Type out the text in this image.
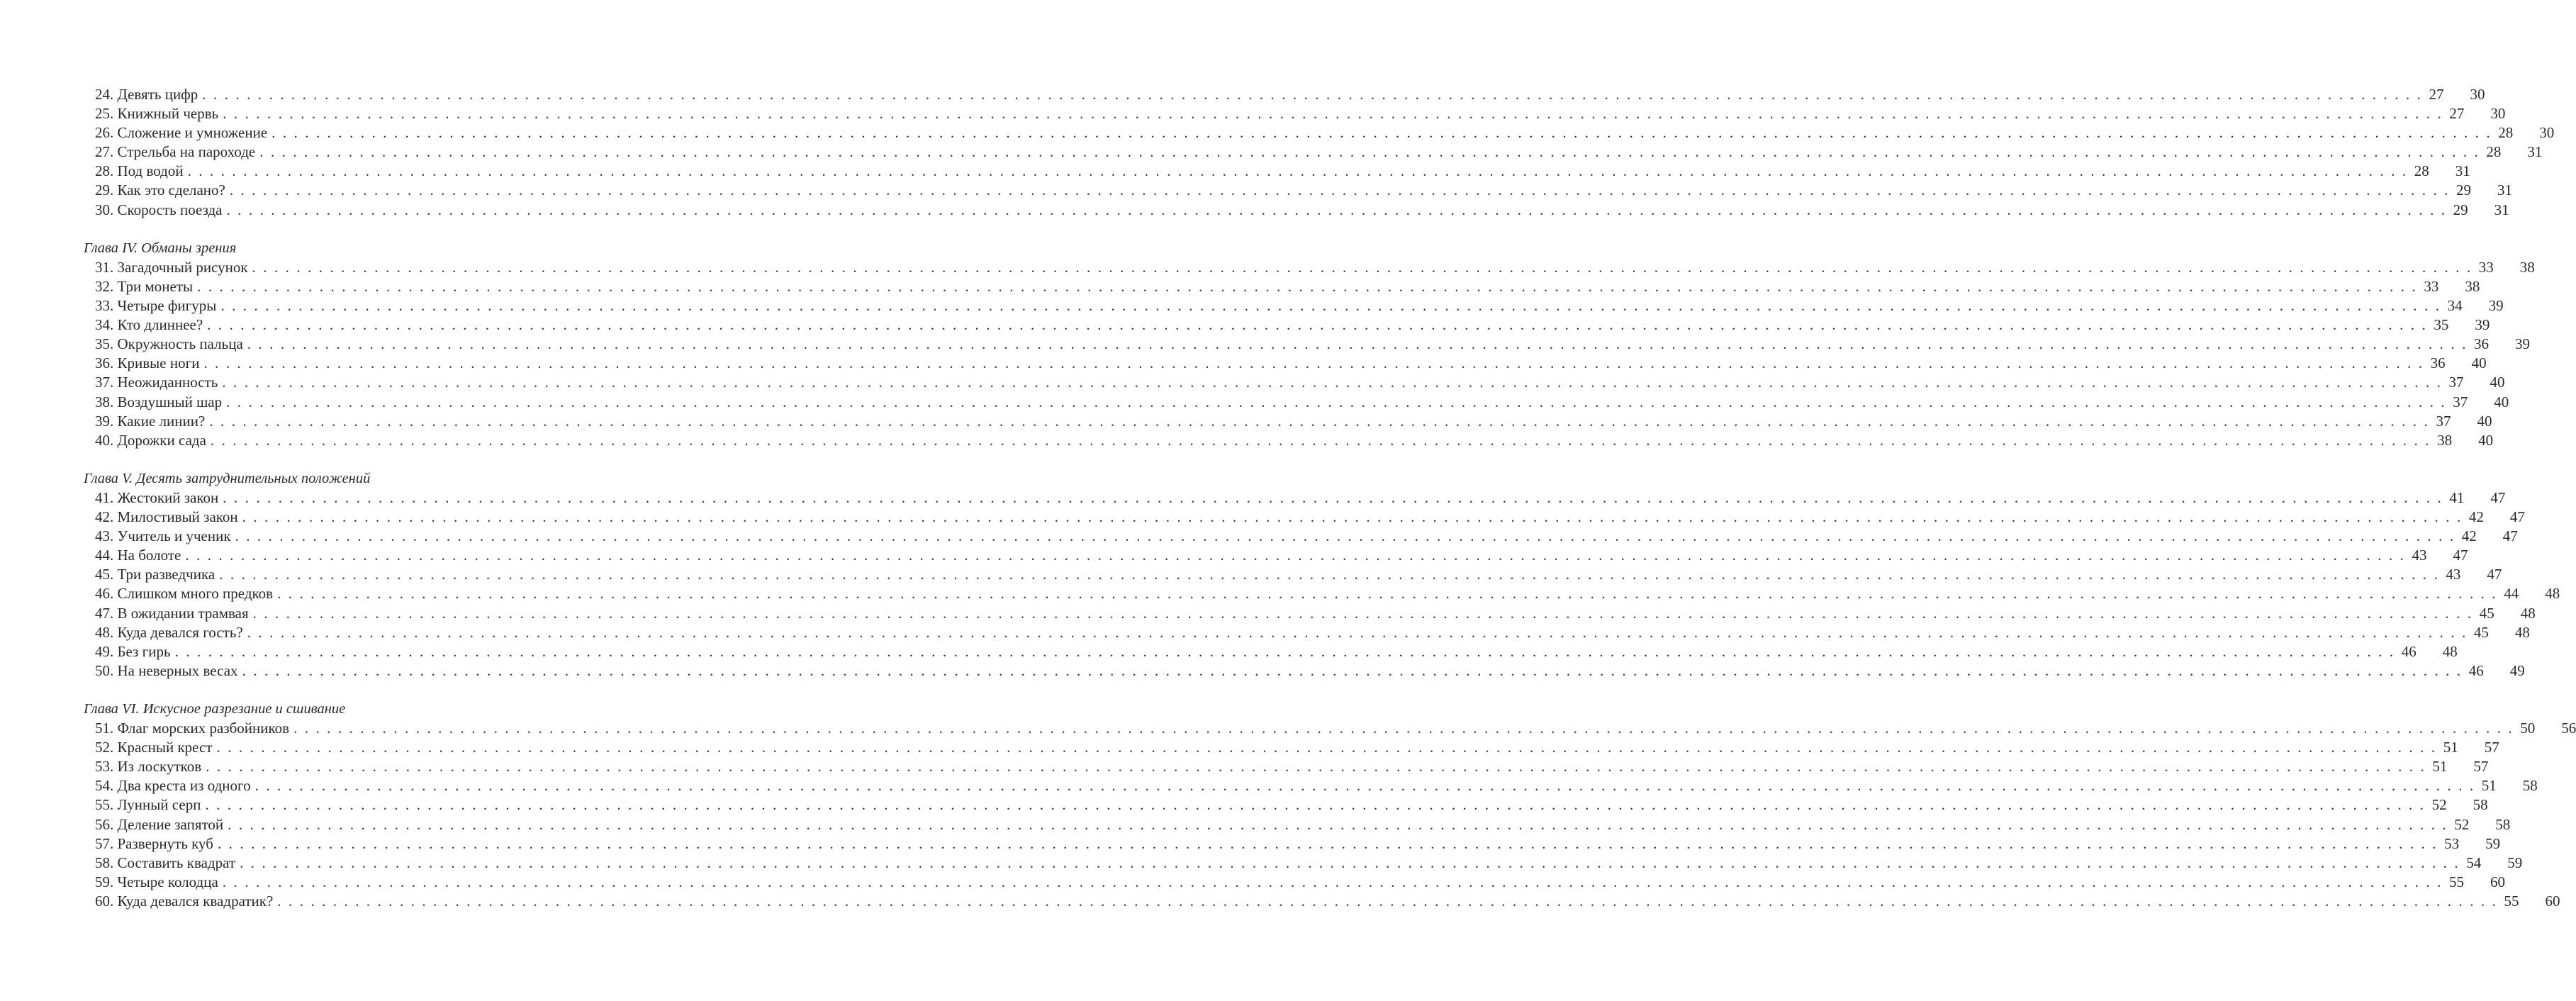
24. Девять цифр . . . . . . . . . . . . . . . . . . . . . . . . . . . . . . . . . . . . . . . . . . . . . . . . . . . . . . . . . . . . . . . . . . . . . . . . . . . . . . . . . . . . . . . . . . . . . . . . . . . . . . . . . . . . . . . . . . . . . . . . . . . . . . . . . . . . . . . . . . . . . . . . . . . . . . . . . . . . . . . . . . . . . . . . . . . . . . . . . . . . . . . . . . . . . . . . . . . . . . . . 27	30
25. Книжный червь . . . . . . . . . . . . . . . . . . . . . . . . . . . . . . . . . . . . . . . . . . . . . . . . . . . . . . . . . . . . . . . . . . . . . . . . . . . . . . . . . . . . . . . . . . . . . . . . . . . . . . . . . . . . . . . . . . . . . . . . . . . . . . . . . . . . . . . . . . . . . . . . . . . . . . . . . . . . . . . . . . . . . . . . . . . . . . . . . . . . . . . . . . . . . . . . . . . . . . . . 27	30
26. Сложение и умножение . . . . . . . . . . . . . . . . . . . . . . . . . . . . . . . . . . . . . . . . . . . . . . . . . . . . . . . . . . . . . . . . . . . . . . . . . . . . . . . . . . . . . . . . . . . . . . . . . . . . . . . . . . . . . . . . . . . . . . . . . . . . . . . . . . . . . . . . . . . . . . . . . . . . . . . . . . . . . . . . . . . . . . . . . . . . . . . . . . . . . . . . . . . . . . . . . . . . . . . . 28	30
27. Стрельба на пароходе . . . . . . . . . . . . . . . . . . . . . . . . . . . . . . . . . . . . . . . . . . . . . . . . . . . . . . . . . . . . . . . . . . . . . . . . . . . . . . . . . . . . . . . . . . . . . . . . . . . . . . . . . . . . . . . . . . . . . . . . . . . . . . . . . . . . . . . . . . . . . . . . . . . . . . . . . . . . . . . . . . . . . . . . . . . . . . . . . . . . . . . . . . . . . . . . . . . . . . . . 28	31
28. Под водой . . . . . . . . . . . . . . . . . . . . . . . . . . . . . . . . . . . . . . . . . . . . . . . . . . . . . . . . . . . . . . . . . . . . . . . . . . . . . . . . . . . . . . . . . . . . . . . . . . . . . . . . . . . . . . . . . . . . . . . . . . . . . . . . . . . . . . . . . . . . . . . . . . . . . . . . . . . . . . . . . . . . . . . . . . . . . . . . . . . . . . . . . . . . . . . . . . . . . . . . 28	31
29. Как это сделано? . . . . . . . . . . . . . . . . . . . . . . . . . . . . . . . . . . . . . . . . . . . . . . . . . . . . . . . . . . . . . . . . . . . . . . . . . . . . . . . . . . . . . . . . . . . . . . . . . . . . . . . . . . . . . . . . . . . . . . . . . . . . . . . . . . . . . . . . . . . . . . . . . . . . . . . . . . . . . . . . . . . . . . . . . . . . . . . . . . . . . . . . . . . . . . . . . . . . . . . . 29	31
30. Скорость поезда . . . . . . . . . . . . . . . . . . . . . . . . . . . . . . . . . . . . . . . . . . . . . . . . . . . . . . . . . . . . . . . . . . . . . . . . . . . . . . . . . . . . . . . . . . . . . . . . . . . . . . . . . . . . . . . . . . . . . . . . . . . . . . . . . . . . . . . . . . . . . . . . . . . . . . . . . . . . . . . . . . . . . . . . . . . . . . . . . . . . . . . . . . . . . . . . . . . . . . . . 29	31
Глава IV. Обманы зрения
31. Загадочный рисунок . . . . . . . . . . . . . . . . . . . . . . . . . . . . . . . . . . . . . . . . . . . . . . . . . . . . . . . . . . . . . . . . . . . . . . . . . . . . . . . . . . . . . . . . . . . . . . . . . . . . . . . . . . . . . . . . . . . . . . . . . . . . . . . . . . . . . . . . . . . . . . . . . . . . . . . . . . . . . . . . . . . . . . . . . . . . . . . . . . . . . . . . . . . . . . . . . . . . . . . . 33	38
32. Три монеты . . . . . . . . . . . . . . . . . . . . . . . . . . . . . . . . . . . . . . . . . . . . . . . . . . . . . . . . . . . . . . . . . . . . . . . . . . . . . . . . . . . . . . . . . . . . . . . . . . . . . . . . . . . . . . . . . . . . . . . . . . . . . . . . . . . . . . . . . . . . . . . . . . . . . . . . . . . . . . . . . . . . . . . . . . . . . . . . . . . . . . . . . . . . . . . . . . . . . . . . 33	38
33. Четыре фигуры . . . . . . . . . . . . . . . . . . . . . . . . . . . . . . . . . . . . . . . . . . . . . . . . . . . . . . . . . . . . . . . . . . . . . . . . . . . . . . . . . . . . . . . . . . . . . . . . . . . . . . . . . . . . . . . . . . . . . . . . . . . . . . . . . . . . . . . . . . . . . . . . . . . . . . . . . . . . . . . . . . . . . . . . . . . . . . . . . . . . . . . . . . . . . . . . . . . . . . . . 34	39
34. Кто длиннее? . . . . . . . . . . . . . . . . . . . . . . . . . . . . . . . . . . . . . . . . . . . . . . . . . . . . . . . . . . . . . . . . . . . . . . . . . . . . . . . . . . . . . . . . . . . . . . . . . . . . . . . . . . . . . . . . . . . . . . . . . . . . . . . . . . . . . . . . . . . . . . . . . . . . . . . . . . . . . . . . . . . . . . . . . . . . . . . . . . . . . . . . . . . . . . . . . . . . . . . . 35	39
35. Окружность пальца . . . . . . . . . . . . . . . . . . . . . . . . . . . . . . . . . . . . . . . . . . . . . . . . . . . . . . . . . . . . . . . . . . . . . . . . . . . . . . . . . . . . . . . . . . . . . . . . . . . . . . . . . . . . . . . . . . . . . . . . . . . . . . . . . . . . . . . . . . . . . . . . . . . . . . . . . . . . . . . . . . . . . . . . . . . . . . . . . . . . . . . . . . . . . . . . . . . . . . . . 36	39
36. Кривые ноги . . . . . . . . . . . . . . . . . . . . . . . . . . . . . . . . . . . . . . . . . . . . . . . . . . . . . . . . . . . . . . . . . . . . . . . . . . . . . . . . . . . . . . . . . . . . . . . . . . . . . . . . . . . . . . . . . . . . . . . . . . . . . . . . . . . . . . . . . . . . . . . . . . . . . . . . . . . . . . . . . . . . . . . . . . . . . . . . . . . . . . . . . . . . . . . . . . . . . . . . 36	40
37. Неожиданность . . . . . . . . . . . . . . . . . . . . . . . . . . . . . . . . . . . . . . . . . . . . . . . . . . . . . . . . . . . . . . . . . . . . . . . . . . . . . . . . . . . . . . . . . . . . . . . . . . . . . . . . . . . . . . . . . . . . . . . . . . . . . . . . . . . . . . . . . . . . . . . . . . . . . . . . . . . . . . . . . . . . . . . . . . . . . . . . . . . . . . . . . . . . . . . . . . . . . . . . 37	40
38. Воздушный шар . . . . . . . . . . . . . . . . . . . . . . . . . . . . . . . . . . . . . . . . . . . . . . . . . . . . . . . . . . . . . . . . . . . . . . . . . . . . . . . . . . . . . . . . . . . . . . . . . . . . . . . . . . . . . . . . . . . . . . . . . . . . . . . . . . . . . . . . . . . . . . . . . . . . . . . . . . . . . . . . . . . . . . . . . . . . . . . . . . . . . . . . . . . . . . . . . . . . . . . . 37	40
39. Какие линии? . . . . . . . . . . . . . . . . . . . . . . . . . . . . . . . . . . . . . . . . . . . . . . . . . . . . . . . . . . . . . . . . . . . . . . . . . . . . . . . . . . . . . . . . . . . . . . . . . . . . . . . . . . . . . . . . . . . . . . . . . . . . . . . . . . . . . . . . . . . . . . . . . . . . . . . . . . . . . . . . . . . . . . . . . . . . . . . . . . . . . . . . . . . . . . . . . . . . . . . . 37	40
40. Дорожки сада . . . . . . . . . . . . . . . . . . . . . . . . . . . . . . . . . . . . . . . . . . . . . . . . . . . . . . . . . . . . . . . . . . . . . . . . . . . . . . . . . . . . . . . . . . . . . . . . . . . . . . . . . . . . . . . . . . . . . . . . . . . . . . . . . . . . . . . . . . . . . . . . . . . . . . . . . . . . . . . . . . . . . . . . . . . . . . . . . . . . . . . . . . . . . . . . . . . . . . . . 38	40
Глава V. Десять затруднительных положений
41. Жестокий закон . . . . . . . . . . . . . . . . . . . . . . . . . . . . . . . . . . . . . . . . . . . . . . . . . . . . . . . . . . . . . . . . . . . . . . . . . . . . . . . . . . . . . . . . . . . . . . . . . . . . . . . . . . . . . . . . . . . . . . . . . . . . . . . . . . . . . . . . . . . . . . . . . . . . . . . . . . . . . . . . . . . . . . . . . . . . . . . . . . . . . . . . . . . . . . . . . . . . . . . . 41	47
42. Милостивый закон . . . . . . . . . . . . . . . . . . . . . . . . . . . . . . . . . . . . . . . . . . . . . . . . . . . . . . . . . . . . . . . . . . . . . . . . . . . . . . . . . . . . . . . . . . . . . . . . . . . . . . . . . . . . . . . . . . . . . . . . . . . . . . . . . . . . . . . . . . . . . . . . . . . . . . . . . . . . . . . . . . . . . . . . . . . . . . . . . . . . . . . . . . . . . . . . . . . . . . . . 42	47
43. Учитель и ученик . . . . . . . . . . . . . . . . . . . . . . . . . . . . . . . . . . . . . . . . . . . . . . . . . . . . . . . . . . . . . . . . . . . . . . . . . . . . . . . . . . . . . . . . . . . . . . . . . . . . . . . . . . . . . . . . . . . . . . . . . . . . . . . . . . . . . . . . . . . . . . . . . . . . . . . . . . . . . . . . . . . . . . . . . . . . . . . . . . . . . . . . . . . . . . . . . . . . . . . . 42	47
44. На болоте . . . . . . . . . . . . . . . . . . . . . . . . . . . . . . . . . . . . . . . . . . . . . . . . . . . . . . . . . . . . . . . . . . . . . . . . . . . . . . . . . . . . . . . . . . . . . . . . . . . . . . . . . . . . . . . . . . . . . . . . . . . . . . . . . . . . . . . . . . . . . . . . . . . . . . . . . . . . . . . . . . . . . . . . . . . . . . . . . . . . . . . . . . . . . . . . . . . . . . . . 43	47
45. Три разведчика . . . . . . . . . . . . . . . . . . . . . . . . . . . . . . . . . . . . . . . . . . . . . . . . . . . . . . . . . . . . . . . . . . . . . . . . . . . . . . . . . . . . . . . . . . . . . . . . . . . . . . . . . . . . . . . . . . . . . . . . . . . . . . . . . . . . . . . . . . . . . . . . . . . . . . . . . . . . . . . . . . . . . . . . . . . . . . . . . . . . . . . . . . . . . . . . . . . . . . . . 43	47
46. Слишком много предков . . . . . . . . . . . . . . . . . . . . . . . . . . . . . . . . . . . . . . . . . . . . . . . . . . . . . . . . . . . . . . . . . . . . . . . . . . . . . . . . . . . . . . . . . . . . . . . . . . . . . . . . . . . . . . . . . . . . . . . . . . . . . . . . . . . . . . . . . . . . . . . . . . . . . . . . . . . . . . . . . . . . . . . . . . . . . . . . . . . . . . . . . . . . . . . . . . . . . . . . 44	48
47. В ожидании трамвая . . . . . . . . . . . . . . . . . . . . . . . . . . . . . . . . . . . . . . . . . . . . . . . . . . . . . . . . . . . . . . . . . . . . . . . . . . . . . . . . . . . . . . . . . . . . . . . . . . . . . . . . . . . . . . . . . . . . . . . . . . . . . . . . . . . . . . . . . . . . . . . . . . . . . . . . . . . . . . . . . . . . . . . . . . . . . . . . . . . . . . . . . . . . . . . . . . . . . . . . 45	48
48. Куда девался гость? . . . . . . . . . . . . . . . . . . . . . . . . . . . . . . . . . . . . . . . . . . . . . . . . . . . . . . . . . . . . . . . . . . . . . . . . . . . . . . . . . . . . . . . . . . . . . . . . . . . . . . . . . . . . . . . . . . . . . . . . . . . . . . . . . . . . . . . . . . . . . . . . . . . . . . . . . . . . . . . . . . . . . . . . . . . . . . . . . . . . . . . . . . . . . . . . . . . . . . . . 45	48
49. Без гирь . . . . . . . . . . . . . . . . . . . . . . . . . . . . . . . . . . . . . . . . . . . . . . . . . . . . . . . . . . . . . . . . . . . . . . . . . . . . . . . . . . . . . . . . . . . . . . . . . . . . . . . . . . . . . . . . . . . . . . . . . . . . . . . . . . . . . . . . . . . . . . . . . . . . . . . . . . . . . . . . . . . . . . . . . . . . . . . . . . . . . . . . . . . . . . . . . . . . . . . . 46	48
50. На неверных весах . . . . . . . . . . . . . . . . . . . . . . . . . . . . . . . . . . . . . . . . . . . . . . . . . . . . . . . . . . . . . . . . . . . . . . . . . . . . . . . . . . . . . . . . . . . . . . . . . . . . . . . . . . . . . . . . . . . . . . . . . . . . . . . . . . . . . . . . . . . . . . . . . . . . . . . . . . . . . . . . . . . . . . . . . . . . . . . . . . . . . . . . . . . . . . . . . . . . . . . . 46	49
Глава VI. Искусное разрезание и сшивание
51. Флаг морских разбойников . . . . . . . . . . . . . . . . . . . . . . . . . . . . . . . . . . . . . . . . . . . . . . . . . . . . . . . . . . . . . . . . . . . . . . . . . . . . . . . . . . . . . . . . . . . . . . . . . . . . . . . . . . . . . . . . . . . . . . . . . . . . . . . . . . . . . . . . . . . . . . . . . . . . . . . . . . . . . . . . . . . . . . . . . . . . . . . . . . . . . . . . . . . . . . . . . . . . . . . . 50	56
52. Красный крест . . . . . . . . . . . . . . . . . . . . . . . . . . . . . . . . . . . . . . . . . . . . . . . . . . . . . . . . . . . . . . . . . . . . . . . . . . . . . . . . . . . . . . . . . . . . . . . . . . . . . . . . . . . . . . . . . . . . . . . . . . . . . . . . . . . . . . . . . . . . . . . . . . . . . . . . . . . . . . . . . . . . . . . . . . . . . . . . . . . . . . . . . . . . . . . . . . . . . . . . 51	57
53. Из лоскутков . . . . . . . . . . . . . . . . . . . . . . . . . . . . . . . . . . . . . . . . . . . . . . . . . . . . . . . . . . . . . . . . . . . . . . . . . . . . . . . . . . . . . . . . . . . . . . . . . . . . . . . . . . . . . . . . . . . . . . . . . . . . . . . . . . . . . . . . . . . . . . . . . . . . . . . . . . . . . . . . . . . . . . . . . . . . . . . . . . . . . . . . . . . . . . . . . . . . . . . . 51	57
54. Два креста из одного . . . . . . . . . . . . . . . . . . . . . . . . . . . . . . . . . . . . . . . . . . . . . . . . . . . . . . . . . . . . . . . . . . . . . . . . . . . . . . . . . . . . . . . . . . . . . . . . . . . . . . . . . . . . . . . . . . . . . . . . . . . . . . . . . . . . . . . . . . . . . . . . . . . . . . . . . . . . . . . . . . . . . . . . . . . . . . . . . . . . . . . . . . . . . . . . . . . . . . . . 51	58
55. Лунный серп . . . . . . . . . . . . . . . . . . . . . . . . . . . . . . . . . . . . . . . . . . . . . . . . . . . . . . . . . . . . . . . . . . . . . . . . . . . . . . . . . . . . . . . . . . . . . . . . . . . . . . . . . . . . . . . . . . . . . . . . . . . . . . . . . . . . . . . . . . . . . . . . . . . . . . . . . . . . . . . . . . . . . . . . . . . . . . . . . . . . . . . . . . . . . . . . . . . . . . . . 52	58
56. Деление запятой . . . . . . . . . . . . . . . . . . . . . . . . . . . . . . . . . . . . . . . . . . . . . . . . . . . . . . . . . . . . . . . . . . . . . . . . . . . . . . . . . . . . . . . . . . . . . . . . . . . . . . . . . . . . . . . . . . . . . . . . . . . . . . . . . . . . . . . . . . . . . . . . . . . . . . . . . . . . . . . . . . . . . . . . . . . . . . . . . . . . . . . . . . . . . . . . . . . . . . . . 52	58
57. Развернуть куб . . . . . . . . . . . . . . . . . . . . . . . . . . . . . . . . . . . . . . . . . . . . . . . . . . . . . . . . . . . . . . . . . . . . . . . . . . . . . . . . . . . . . . . . . . . . . . . . . . . . . . . . . . . . . . . . . . . . . . . . . . . . . . . . . . . . . . . . . . . . . . . . . . . . . . . . . . . . . . . . . . . . . . . . . . . . . . . . . . . . . . . . . . . . . . . . . . . . . . . . 53	59
58. Составить квадрат . . . . . . . . . . . . . . . . . . . . . . . . . . . . . . . . . . . . . . . . . . . . . . . . . . . . . . . . . . . . . . . . . . . . . . . . . . . . . . . . . . . . . . . . . . . . . . . . . . . . . . . . . . . . . . . . . . . . . . . . . . . . . . . . . . . . . . . . . . . . . . . . . . . . . . . . . . . . . . . . . . . . . . . . . . . . . . . . . . . . . . . . . . . . . . . . . . . . . . . . 54	59
59. Четыре колодца . . . . . . . . . . . . . . . . . . . . . . . . . . . . . . . . . . . . . . . . . . . . . . . . . . . . . . . . . . . . . . . . . . . . . . . . . . . . . . . . . . . . . . . . . . . . . . . . . . . . . . . . . . . . . . . . . . . . . . . . . . . . . . . . . . . . . . . . . . . . . . . . . . . . . . . . . . . . . . . . . . . . . . . . . . . . . . . . . . . . . . . . . . . . . . . . . . . . . . . . 55	60
60. Куда девался квадратик? . . . . . . . . . . . . . . . . . . . . . . . . . . . . . . . . . . . . . . . . . . . . . . . . . . . . . . . . . . . . . . . . . . . . . . . . . . . . . . . . . . . . . . . . . . . . . . . . . . . . . . . . . . . . . . . . . . . . . . . . . . . . . . . . . . . . . . . . . . . . . . . . . . . . . . . . . . . . . . . . . . . . . . . . . . . . . . . . . . . . . . . . . . . . . . . . . . . . . . . . 55	60
